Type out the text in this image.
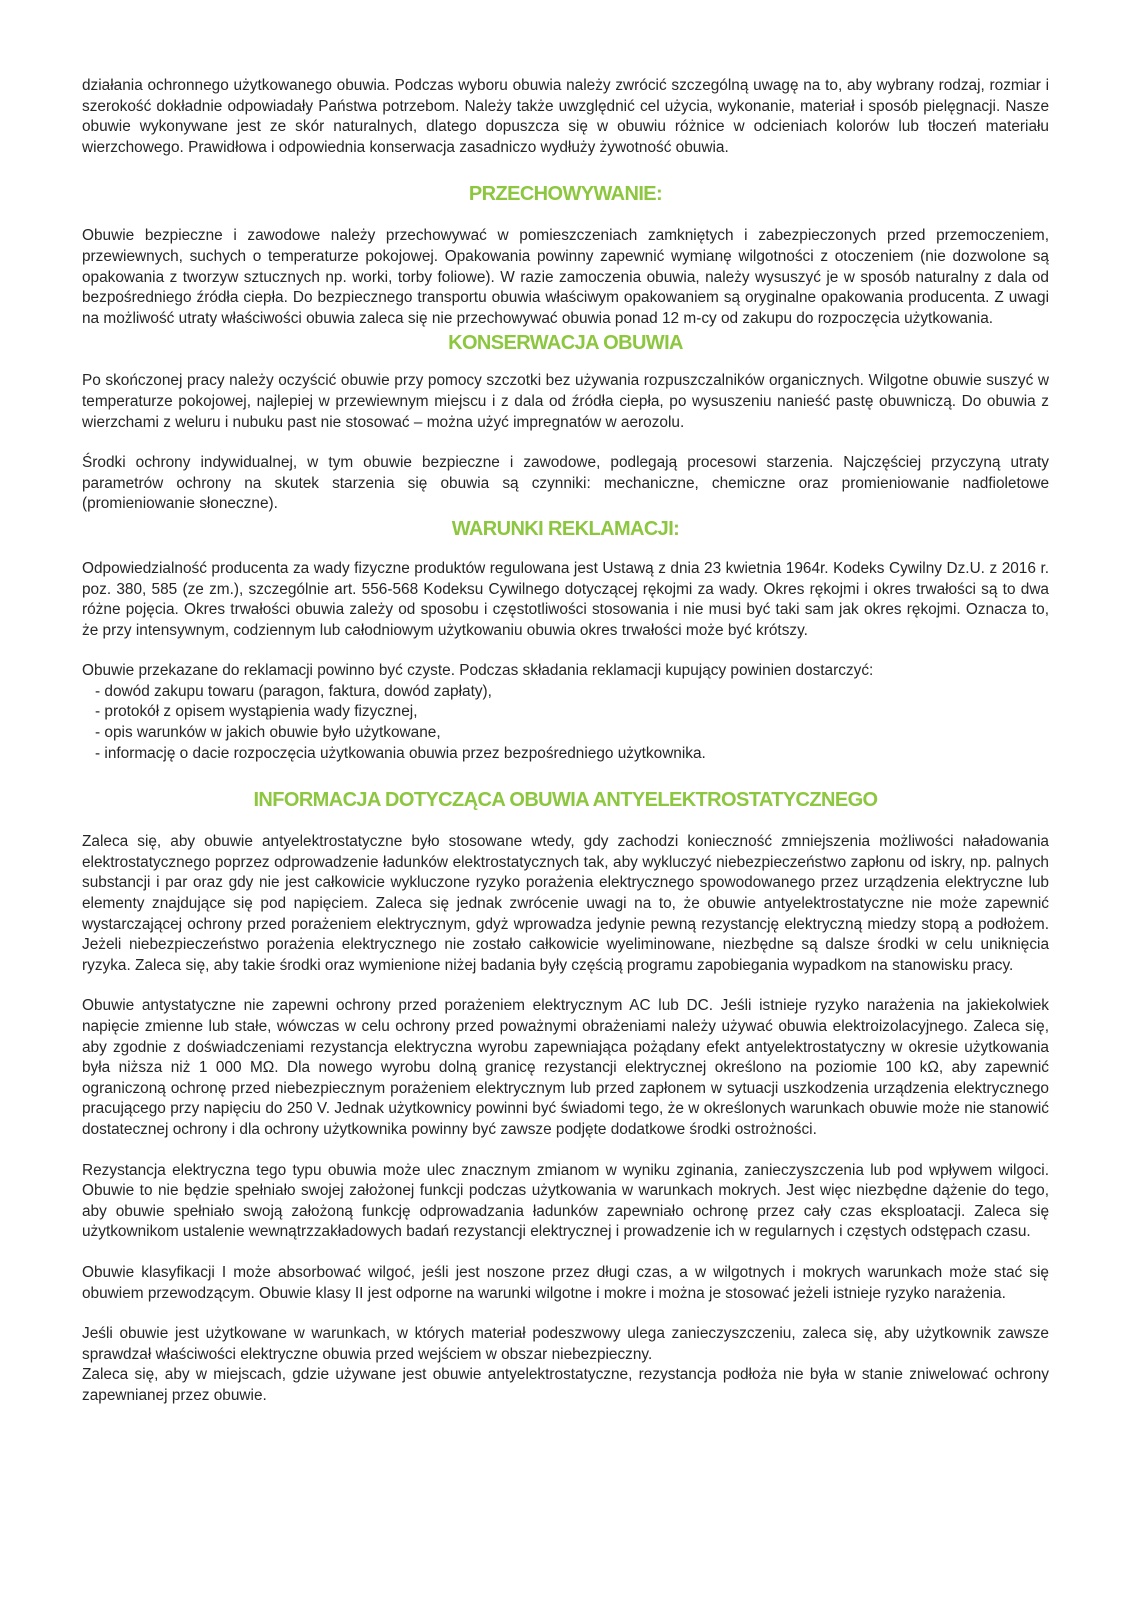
działania ochronnego użytkowanego obuwia. Podczas wyboru obuwia należy zwrócić szczególną uwagę na to, aby wybrany rodzaj, rozmiar i szerokość dokładnie odpowiadały Państwa potrzebom. Należy także uwzględnić cel użycia, wykonanie, materiał i sposób pielęgnacji. Nasze obuwie wykonywane jest ze skór naturalnych, dlatego dopuszcza się w obuwiu różnice w odcieniach kolorów lub tłoczeń materiału wierzchowego. Prawidłowa i odpowiednia konserwacja zasadniczo wydłuży żywotność obuwia.

PRZECHOWYWANIE:

Obuwie bezpieczne i zawodowe należy przechowywać w pomieszczeniach zamkniętych i zabezpieczonych przed przemoczeniem, przewiewnych, suchych o temperaturze pokojowej. Opakowania powinny zapewnić wymianę wilgotności z otoczeniem (nie dozwolone są opakowania z tworzyw sztucznych np. worki, torby foliowe). W razie zamoczenia obuwia, należy wysuszyć je w sposób naturalny z dala od bezpośredniego źródła ciepła. Do bezpiecznego transportu obuwia właściwym opakowaniem są oryginalne opakowania producenta. Z uwagi na możliwość utraty właściwości obuwia zaleca się nie przechowywać obuwia ponad 12 m-cy od zakupu do rozpoczęcia użytkowania.

KONSERWACJA OBUWIA

Po skończonej pracy należy oczyścić obuwie przy pomocy szczotki bez używania rozpuszczalników organicznych. Wilgotne obuwie suszyć w temperaturze pokojowej, najlepiej w przewiewnym miejscu i z dala od źródła ciepła, po wysuszeniu nanieść pastę obuwniczą. Do obuwia z wierzchami z weluru i nubuku past nie stosować – można użyć impregnatów w aerozolu.

Środki ochrony indywidualnej, w tym obuwie bezpieczne i zawodowe, podlegają procesowi starzenia. Najczęściej przyczyną utraty parametrów ochrony na skutek starzenia się obuwia są czynniki: mechaniczne, chemiczne oraz promieniowanie nadfioletowe (promieniowanie słoneczne).

WARUNKI REKLAMACJI:

Odpowiedzialność producenta za wady fizyczne produktów regulowana jest Ustawą z dnia 23 kwietnia 1964r. Kodeks Cywilny Dz.U. z 2016 r. poz. 380, 585 (ze zm.), szczególnie art. 556-568 Kodeksu Cywilnego dotyczącej rękojmi za wady. Okres rękojmi i okres trwałości są to dwa różne pojęcia. Okres trwałości obuwia zależy od sposobu i częstotliwości stosowania i nie musi być taki sam jak okres rękojmi. Oznacza to, że przy intensywnym, codziennym lub całodniowym użytkowaniu obuwia okres trwałości może być krótszy.

Obuwie przekazane do reklamacji powinno być czyste. Podczas składania reklamacji kupujący powinien dostarczyć:

- dowód zakupu towaru (paragon, faktura, dowód zapłaty),
- protokół z opisem wystąpienia wady fizycznej,
- opis warunków w jakich obuwie było użytkowane,
- informację o dacie rozpoczęcia użytkowania obuwia przez bezpośredniego użytkownika.
INFORMACJA DOTYCZĄCA OBUWIA ANTYELEKTROSTATYCZNEGO

Zaleca się, aby obuwie antyelektrostatyczne było stosowane wtedy, gdy zachodzi konieczność zmniejszenia możliwości naładowania elektrostatycznego poprzez odprowadzenie ładunków elektrostatycznych tak, aby wykluczyć niebezpieczeństwo zapłonu od iskry, np. palnych substancji i par oraz gdy nie jest całkowicie wykluczone ryzyko porażenia elektrycznego spowodowanego przez urządzenia elektryczne lub elementy znajdujące się pod napięciem. Zaleca się jednak zwrócenie uwagi na to, że obuwie antyelektrostatyczne nie może zapewnić wystarczającej ochrony przed porażeniem elektrycznym, gdyż wprowadza jedynie pewną rezystancję elektryczną miedzy stopą a podłożem. Jeżeli niebezpieczeństwo porażenia elektrycznego nie zostało całkowicie wyeliminowane, niezbędne są dalsze środki w celu uniknięcia ryzyka. Zaleca się, aby takie środki oraz wymienione niżej badania były częścią programu zapobiegania wypadkom na stanowisku pracy.

Obuwie antystatyczne nie zapewni ochrony przed porażeniem elektrycznym AC lub DC. Jeśli istnieje ryzyko narażenia na jakiekolwiek napięcie zmienne lub stałe, wówczas w celu ochrony przed poważnymi obrażeniami należy używać obuwia elektroizolacyjnego. Zaleca się, aby zgodnie z doświadczeniami rezystancja elektryczna wyrobu zapewniająca pożądany efekt antyelektrostatyczny w okresie użytkowania była niższa niż 1 000 MΩ. Dla nowego wyrobu dolną granicę rezystancji elektrycznej określono na poziomie 100 kΩ, aby zapewnić ograniczoną ochronę przed niebezpiecznym porażeniem elektrycznym lub przed zapłonem w sytuacji uszkodzenia urządzenia elektrycznego pracującego przy napięciu do 250 V. Jednak użytkownicy powinni być świadomi tego, że w określonych warunkach obuwie może nie stanowić dostatecznej ochrony i dla ochrony użytkownika powinny być zawsze podjęte dodatkowe środki ostrożności.

Rezystancja elektryczna tego typu obuwia może ulec znacznym zmianom w wyniku zginania, zanieczyszczenia lub pod wpływem wilgoci. Obuwie to nie będzie spełniało swojej założonej funkcji podczas użytkowania w warunkach mokrych. Jest więc niezbędne dążenie do tego, aby obuwie spełniało swoją założoną funkcję odprowadzania ładunków zapewniało ochronę przez cały czas eksploatacji. Zaleca się użytkownikom ustalenie wewnątrzzakładowych badań rezystancji elektrycznej i prowadzenie ich w regularnych i częstych odstępach czasu.

Obuwie klasyfikacji I może absorbować wilgoć, jeśli jest noszone przez długi czas, a w wilgotnych i mokrych warunkach może stać się obuwiem przewodzącym. Obuwie klasy II jest odporne na warunki wilgotne i mokre i można je stosować jeżeli istnieje ryzyko narażenia.

Jeśli obuwie jest użytkowane w warunkach, w których materiał podeszwowy ulega zanieczyszczeniu, zaleca się, aby użytkownik zawsze sprawdzał właściwości elektryczne obuwia przed wejściem w obszar niebezpieczny.

Zaleca się, aby w miejscach, gdzie używane jest obuwie antyelektrostatyczne, rezystancja podłoża nie była w stanie zniwelować ochrony zapewnianej przez obuwie.
